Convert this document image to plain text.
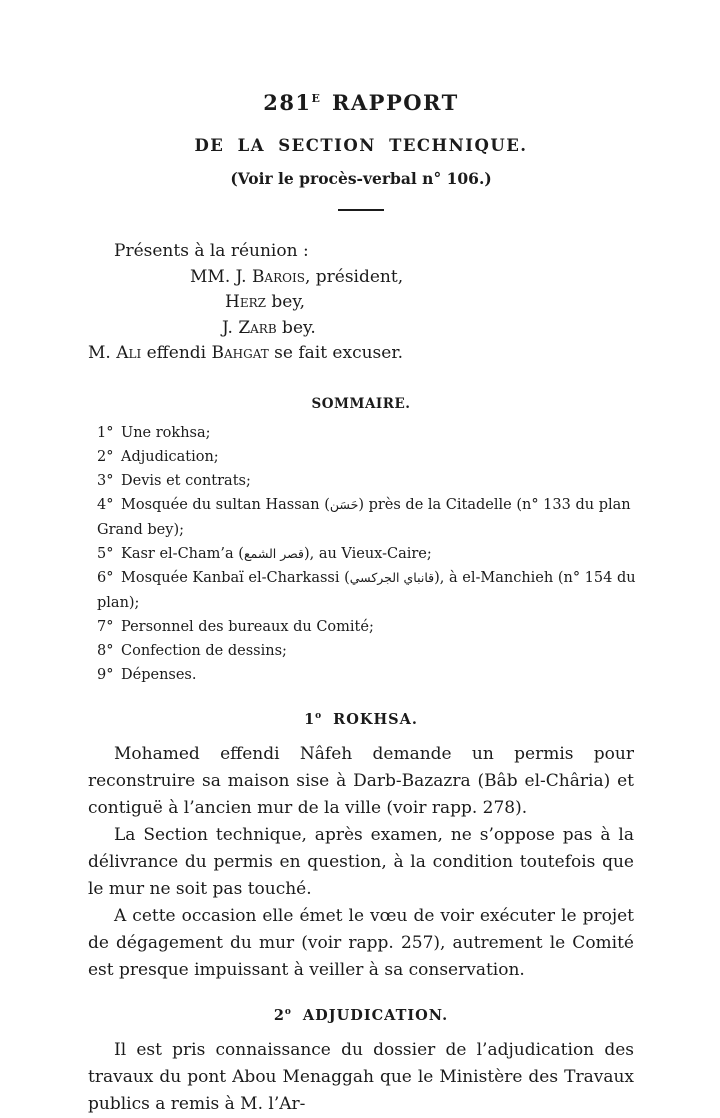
$281^E$ RAPPORT
DE LA SECTION TECHNIQUE.
(Voir le procès-verbal n° 106.)
Présents à la réunion :
MM. J. Barois, président,
Herz bey,
J. Zarb bey.
M. Ali effendi Bahgat se fait excuser.
SOMMAIRE.
1° Une rokhsa;
2° Adjudication;
3° Devis et contrats;
4° Mosquée du sultan Hassan (حَسَن) près de la Citadelle (n° 133 du plan Grand bey);
5° Kasr el-Cham’a (قصر الشمع), au Vieux-Caire;
6° Mosquée Kanbaï el-Charkassi (قانباي الجركسي), à el-Manchieh (n° 154 du plan);
7° Personnel des bureaux du Comité;
8° Confection de dessins;
9° Dépenses.
1$^o$ ROKHSA.

Mohamed effendi Nâfeh demande un permis pour reconstruire sa maison sise à Darb-Bazazra (Bâb el-Châria) et contiguë à l’ancien mur de la ville (voir rapp. 278).

La Section technique, après examen, ne s’oppose pas à la délivrance du permis en question, à la condition toutefois que le mur ne soit pas touché.

A cette occasion elle émet le vœu de voir exécuter le projet de dégagement du mur (voir rapp. 257), autrement le Comité est presque impuissant à veiller à sa conservation.

2$^o$ ADJUDICATION.

Il est pris connaissance du dossier de l’adjudication des travaux du pont Abou Menaggah que le Ministère des Travaux publics a remis à M. l’Ar-
